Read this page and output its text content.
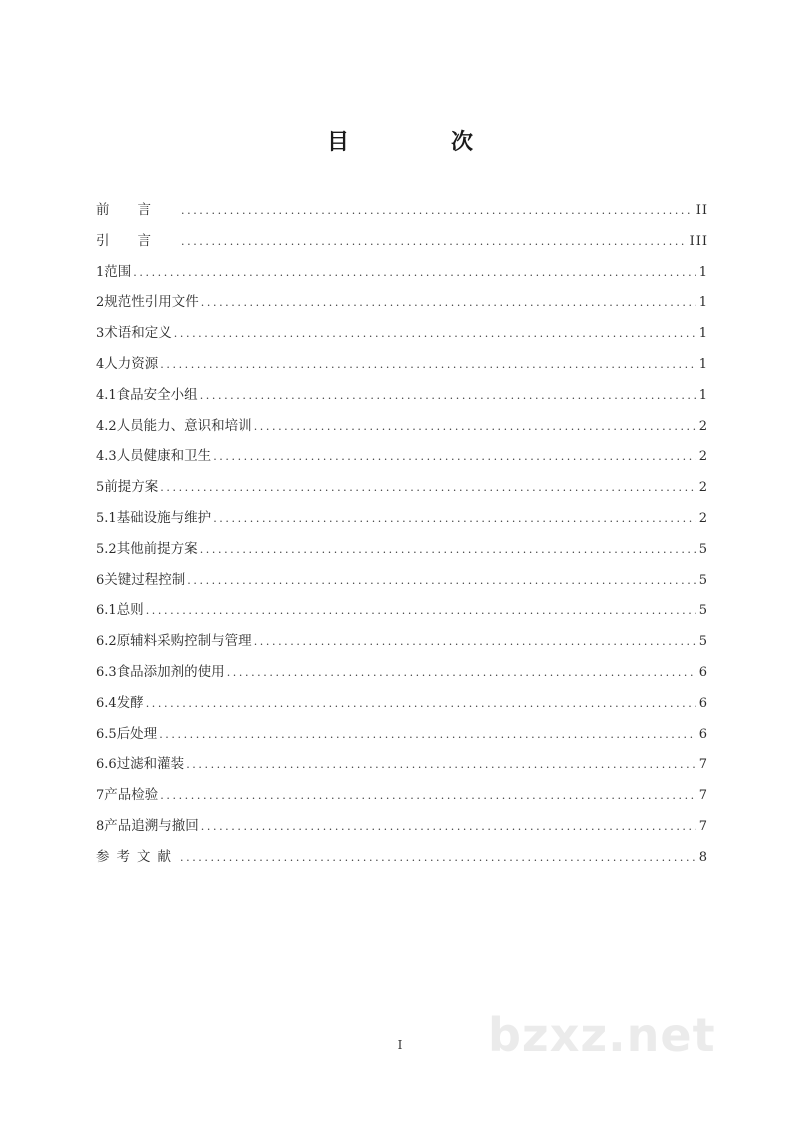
目　次
前言 .....	II
引言 .....	III
1 范围 .....	1
2 规范性引用文件 .....	1
3 术语和定义 .....	1
4 人力资源 .....	1
4.1 食品安全小组 .....	1
4.2 人员能力、意识和培训 .....	2
4.3 人员健康和卫生 .....	2
5 前提方案 .....	2
5.1 基础设施与维护 .....	2
5.2 其他前提方案 .....	5
6 关键过程控制 .....	5
6.1 总则 .....	5
6.2 原辅料采购控制与管理 .....	5
6.3 食品添加剂的使用 .....	6
6.4 发酵 .....	6
6.5 后处理 .....	6
6.6 过滤和灌装 .....	7
7 产品检验 .....	7
8 产品追溯与撤回 .....	7
参考文献 .....	8
I	bzxz.net
